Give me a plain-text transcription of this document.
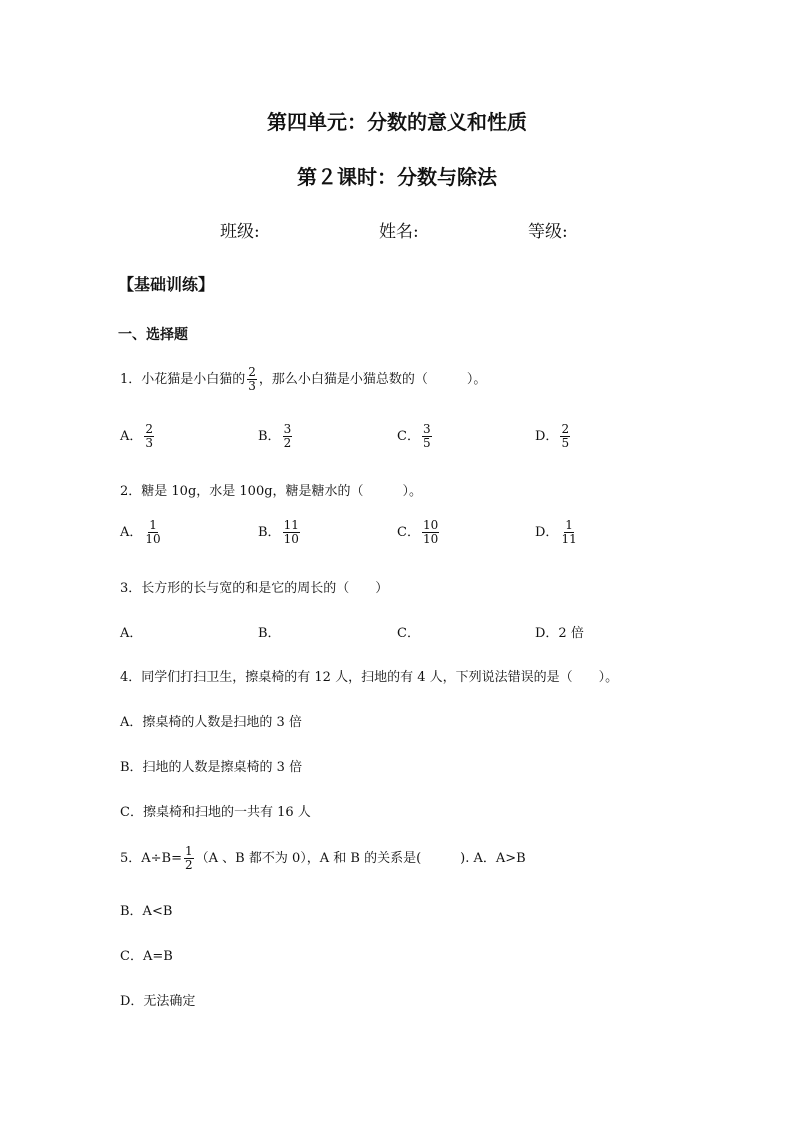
第四单元：分数的意义和性质
第２课时：分数与除法
班级:	姓名:	等级:
【基础训练】
一、选择题
1．小花猫是小白猫的 $\frac{2}{3}$ ，那么小白猫是小猫总数的（　　　）。
A． $\frac{2}{3}$	B． $\frac{3}{2}$	C． $\frac{3}{5}$	D． $\frac{2}{5}$
2．糖是 10g，水是 100g，糖是糖水的（　　　）。
A． $\frac{1}{10}$	B． $\frac{11}{10}$	C． $\frac{10}{10}$	D． $\frac{1}{11}$
3．长方形的长与宽的和是它的周长的（　　）
A．	B．	C．	D．2 倍
4．同学们打扫卫生，擦桌椅的有 12 人，扫地的有 4 人，下列说法错误的是（　　）。
A．擦桌椅的人数是扫地的 3 倍
B．扫地的人数是擦桌椅的 3 倍
C．擦桌椅和扫地的一共有 16 人
5．$A\div B= \frac{1}{2} (A$ 、B 都不为 0），A 和 B 的关系是(　　　). A．A>B
B．A<B
C．A=B
D．无法确定
